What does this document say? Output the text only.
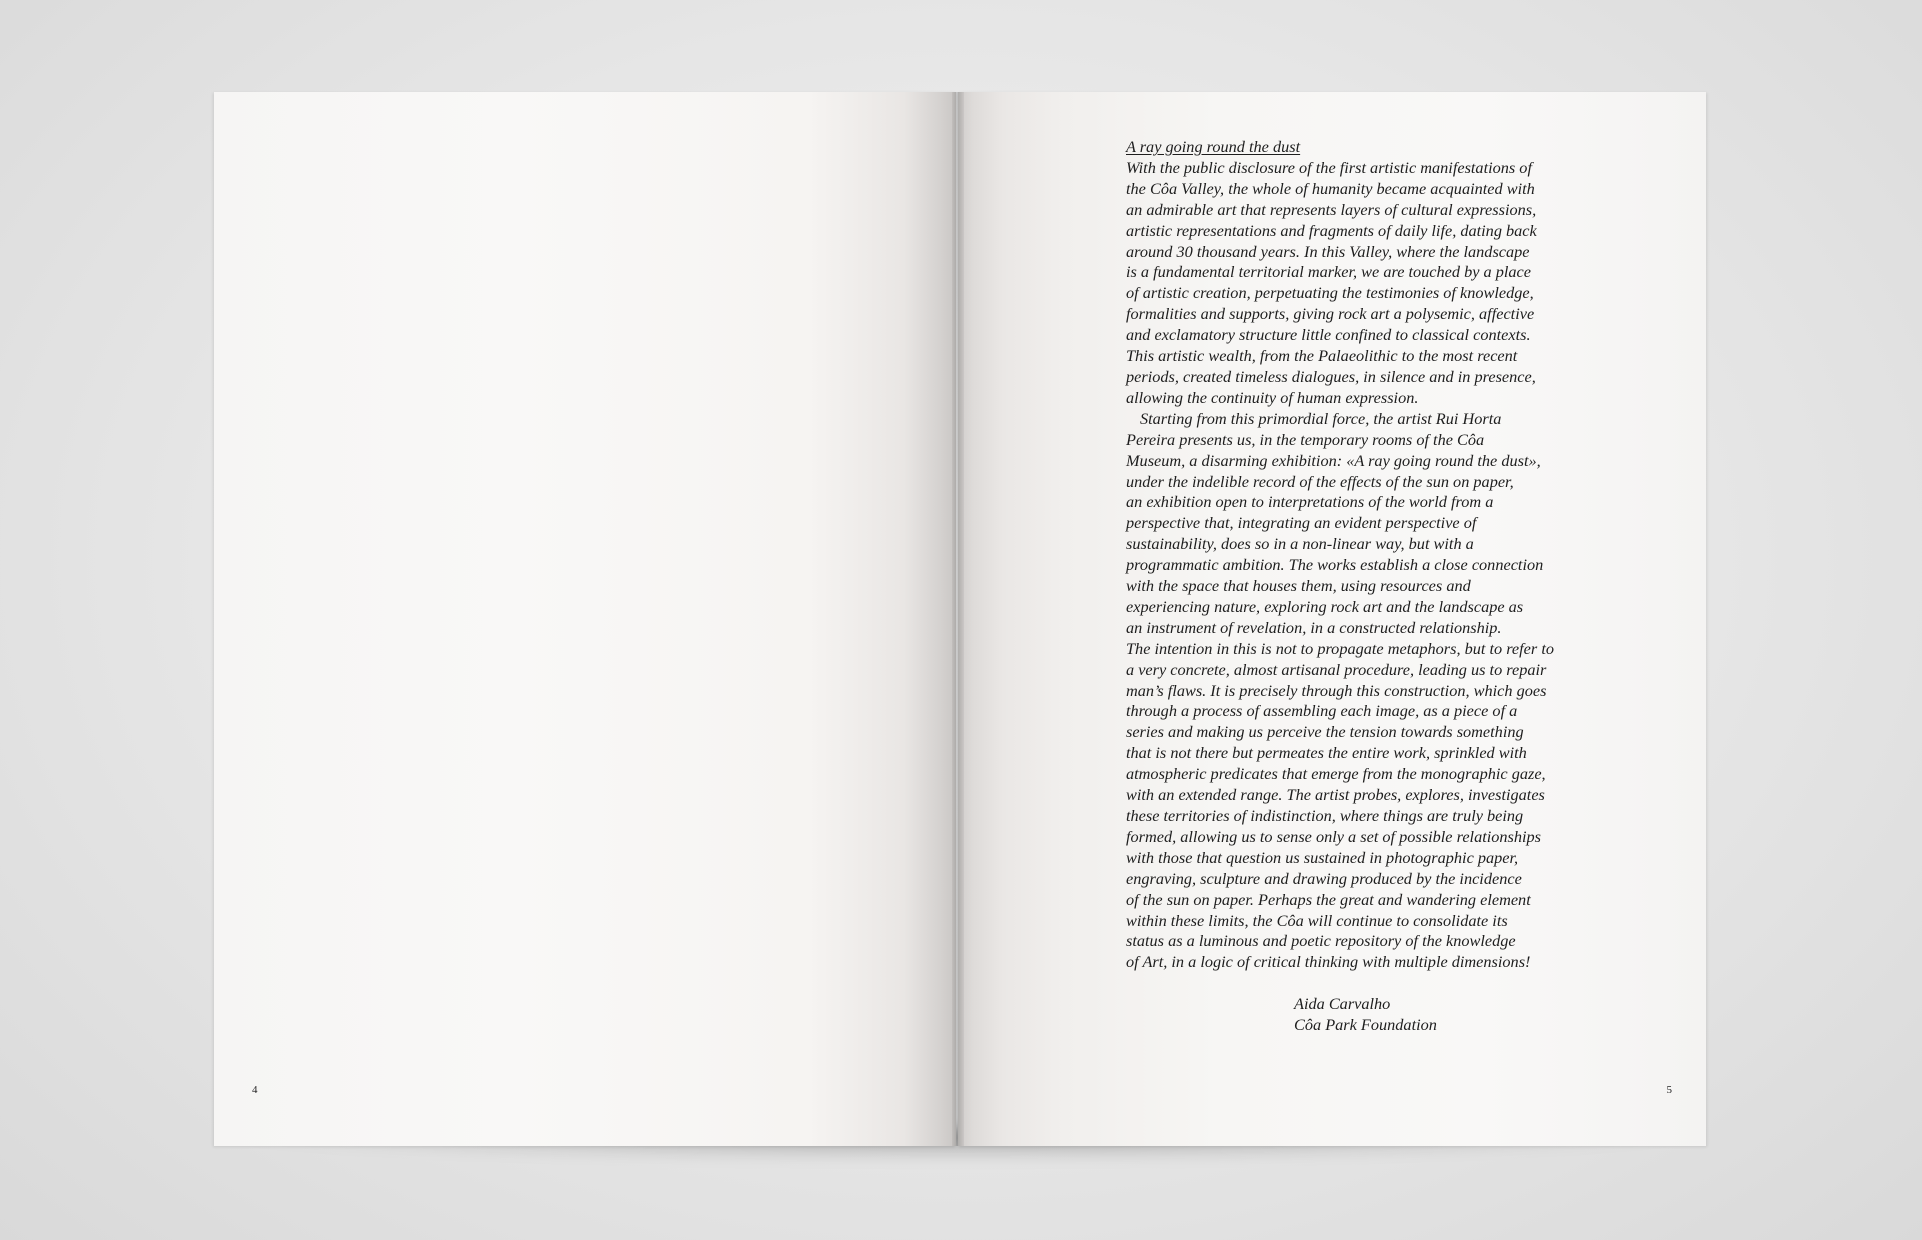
4
A ray going round the dust
With the public disclosure of the first artistic manifestations of
the Côa Valley, the whole of humanity became acquainted with
an admirable art that represents layers of cultural expressions,
artistic representations and fragments of daily life, dating back
around 30 thousand years. In this Valley, where the landscape
is a fundamental territorial marker, we are touched by a place
of artistic creation, perpetuating the testimonies of knowledge,
formalities and supports, giving rock art a polysemic, affective
and exclamatory structure little confined to classical contexts.
This artistic wealth, from the Palaeolithic to the most recent
periods, created timeless dialogues, in silence and in presence,
allowing the continuity of human expression.
Starting from this primordial force, the artist Rui Horta
Pereira presents us, in the temporary rooms of the Côa
Museum, a disarming exhibition: «A ray going round the dust»,
under the indelible record of the effects of the sun on paper,
an exhibition open to interpretations of the world from a
perspective that, integrating an evident perspective of
sustainability, does so in a non-linear way, but with a
programmatic ambition. The works establish a close connection
with the space that houses them, using resources and
experiencing nature, exploring rock art and the landscape as
an instrument of revelation, in a constructed relationship.
The intention in this is not to propagate metaphors, but to refer to
a very concrete, almost artisanal procedure, leading us to repair
man’s flaws. It is precisely through this construction, which goes
through a process of assembling each image, as a piece of a
series and making us perceive the tension towards something
that is not there but permeates the entire work, sprinkled with
atmospheric predicates that emerge from the monographic gaze,
with an extended range. The artist probes, explores, investigates
these territories of indistinction, where things are truly being
formed, allowing us to sense only a set of possible relationships
with those that question us sustained in photographic paper,
engraving, sculpture and drawing produced by the incidence
of the sun on paper. Perhaps the great and wandering element
within these limits, the Côa will continue to consolidate its
status as a luminous and poetic repository of the knowledge
of Art, in a logic of critical thinking with multiple dimensions!
Aida Carvalho
Côa Park Foundation
5
